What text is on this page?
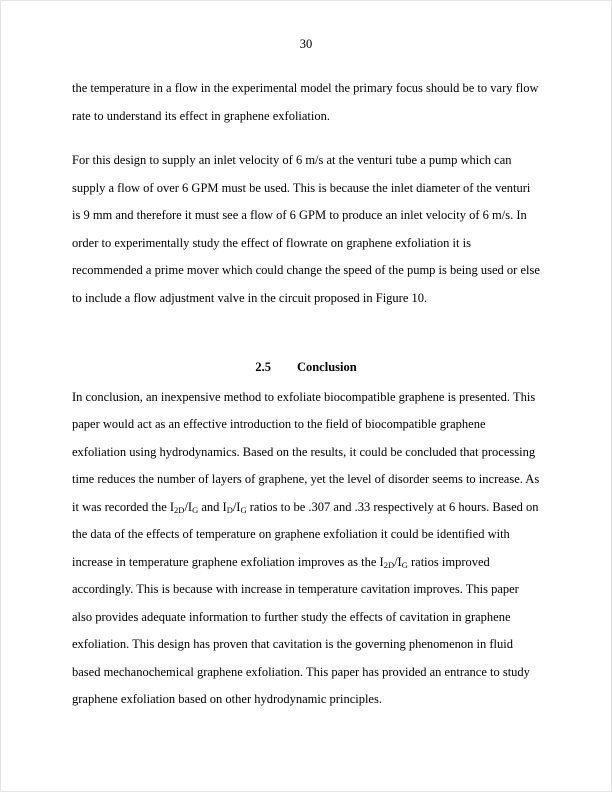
30

the temperature in a flow in the experimental model the primary focus should be to vary flow rate to understand its effect in graphene exfoliation.

For this design to supply an inlet velocity of 6 m/s at the venturi tube a pump which can supply a flow of over 6 GPM must be used. This is because the inlet diameter of the venturi is 9 mm and therefore it must see a flow of 6 GPM to produce an inlet velocity of 6 m/s. In order to experimentally study the effect of flowrate on graphene exfoliation it is recommended a prime mover which could change the speed of the pump is being used or else to include a flow adjustment valve in the circuit proposed in Figure 10.

2.5 Conclusion

In conclusion, an inexpensive method to exfoliate biocompatible graphene is presented. This paper would act as an effective introduction to the field of biocompatible graphene exfoliation using hydrodynamics. Based on the results, it could be concluded that processing time reduces the number of layers of graphene, yet the level of disorder seems to increase. As it was recorded the $I_{2D}/I_G$ and $I_D/I_G$ ratios to be .307 and .33 respectively at 6 hours. Based on the data of the effects of temperature on graphene exfoliation it could be identified with increase in temperature graphene exfoliation improves as the $I_{2D}/I_G$ ratios improved accordingly. This is because with increase in temperature cavitation improves. This paper also provides adequate information to further study the effects of cavitation in graphene exfoliation. This design has proven that cavitation is the governing phenomenon in fluid based mechanochemical graphene exfoliation. This paper has provided an entrance to study graphene exfoliation based on other hydrodynamic principles.
